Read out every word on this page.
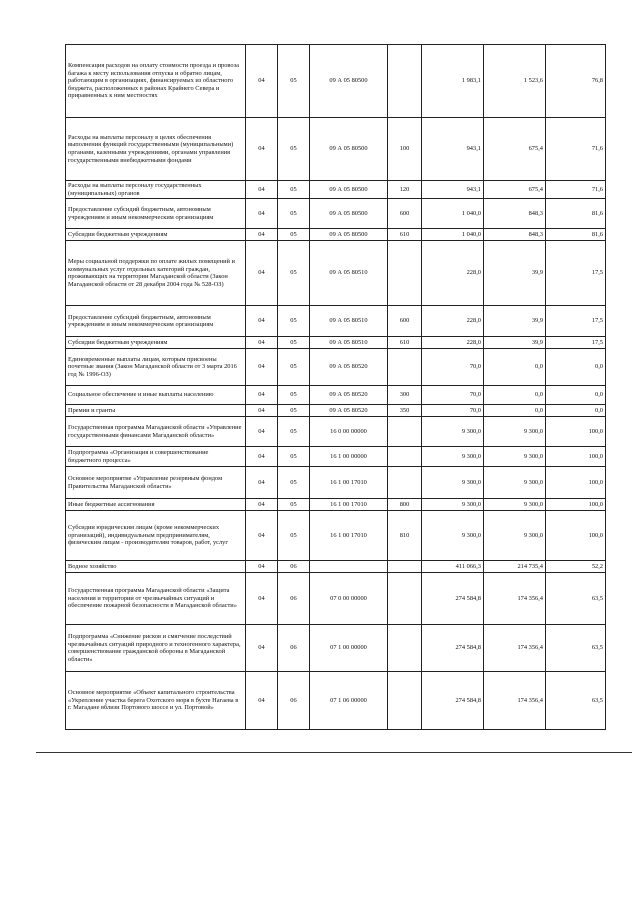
Компенсация расходов на оплату стоимости проезда и провоза багажа к месту использования отпуска и обратно лицам, работающим в организациях, финансируемых из областного бюджета, расположенных в районах Крайнего Севера и приравненных к ним местностях	04	05	09 А 05 80500		1 983,1	1 523,6	76,8
Расходы на выплаты персоналу в целях обеспечения выполнения функций государственными (муниципальными) органами, казенными учреждениями, органами управления государственными внебюджетными фондами	04	05	09 А 05 80500	100	943,1	675,4	71,6
Расходы на выплаты персоналу государственных (муниципальных) органов	04	05	09 А 05 80500	120	943,1	675,4	71,6
Предоставление субсидий бюджетным, автономным учреждениям и иным некоммерческим организациям	04	05	09 А 05 80500	600	1 040,0	848,3	81,6
Субсидии бюджетным учреждениям	04	05	09 А 05 80500	610	1 040,0	848,3	81,6
Меры социальной поддержки по оплате жилых помещений и коммунальных услуг отдельных категорий граждан, проживающих на территории Магаданской области (Закон Магаданской области от 28 декабря 2004 года № 528-ОЗ)	04	05	09 А 05 80510		228,0	39,9	17,5
Предоставление субсидий бюджетным, автономным учреждениям и иным некоммерческим организациям	04	05	09 А 05 80510	600	228,0	39,9	17,5
Субсидии бюджетным учреждениям	04	05	09 А 05 80510	610	228,0	39,9	17,5
Единовременные выплаты лицам, которым присвоены почетные звания (Закон Магаданской области от 3 марта 2016 год № 1996-ОЗ)	04	05	09 А 05 80520		70,0	0,0	0,0
Социальное обеспечение и иные выплаты населению	04	05	09 А 05 80520	300	70,0	0,0	0,0
Премии и гранты	04	05	09 А 05 80520	350	70,0	0,0	0,0
Государственная программа Магаданской области «Управление государственными финансами Магаданской области»	04	05	16 0 00 00000		9 300,0	9 300,0	100,0
Подпрограмма «Организация и совершенствование бюджетного процесса»	04	05	16 1 00 00000		9 300,0	9 300,0	100,0
Основное мероприятие «Управление резервным фондом Правительства Магаданской области»	04	05	16 1 00 17010		9 300,0	9 300,0	100,0
Иные бюджетные ассигнования	04	05	16 1 00 17010	800	9 300,0	9 300,0	100,0
Субсидии юридическим лицам (кроме некоммерческих организаций), индивидуальным предпринимателям, физическим лицам - производителям товаров, работ, услуг	04	05	16 1 00 17010	810	9 300,0	9 300,0	100,0
Водное хозяйство	04	06			411 066,3	214 735,4	52,2
Государственная программа Магаданской области «Защита населения и территории от чрезвычайных ситуаций и обеспечение пожарной безопасности в Магаданской области»	04	06	07 0 00 00000		274 584,8	174 356,4	63,5
Подпрограмма «Снижение рисков и смягчение последствий чрезвычайных ситуаций природного и техногенного характера, совершенствование гражданской обороны в Магаданской области»	04	06	07 1 00 00000		274 584,8	174 356,4	63,5
Основное мероприятие «Объект капитального строительства «Укрепление участка берега Охотского моря в бухте Нагаева в г. Магадане вблизи Портового шоссе и ул. Портовой»	04	06	07 1 06 00000		274 584,8	174 356,4	63,5
